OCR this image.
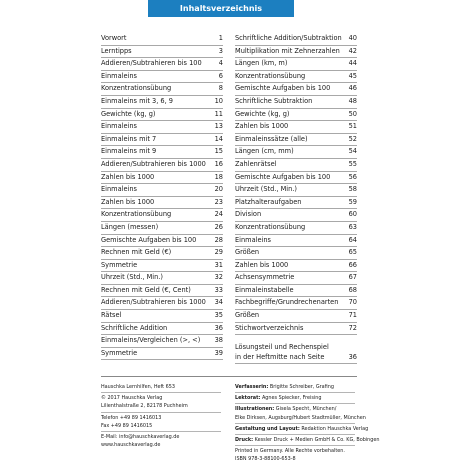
Inhaltsverzeichnis
Vorwort	1
Lerntipps	3
Addieren/Subtrahieren bis 100	4
Einmaleins	6
Konzentrationsübung	8
Einmaleins mit 3, 6, 9	10
Gewichte (kg, g)	11
Einmaleins	13
Einmaleins mit 7	14
Einmaleins mit 9	15
Addieren/Subtrahieren bis 1000 16
Zahlen bis 1000	18
Einmaleins	20
Zahlen bis 1000	23
Konzentrationsübung	24
Längen (messen)	26
Gemischte Aufgaben bis 100	28
Rechnen mit Geld (€)	29
Symmetrie	31
Uhrzeit (Std., Min.)	32
Rechnen mit Geld (€, Cent)	33
Addieren/Subtrahieren bis 1000 34
Rätsel	35
Schriftliche Addition	36
Einmaleins/Vergleichen (>, <) 38
Symmetrie	39
Schriftliche Addition/Subtraktion 40
Multiplikation mit Zehnerzahlen 42
Längen (km, m)	44
Konzentrationsübung	45
Gemischte Aufgaben bis 100	46
Schriftliche Subtraktion	48
Gewichte (kg, g)	50
Zahlen bis 1000	51
Einmaleinssätze (alle)	52
Längen (cm, mm)	54
Zahlenrätsel	55
Gemischte Aufgaben bis 100	56
Uhrzeit (Std., Min.)	58
Platzhalteraufgaben	59
Division	60
Konzentrationsübung	63
Einmaleins	64
Größen	65
Zahlen bis 1000	66
Achsensymmetrie	67
Einmaleinstabelle	68
Fachbegriffe/Grundrechenarten 70
Größen	71
Stichwortverzeichnis	72
Lösungsteil und Rechenspiel in der Heftmitte nach Seite	36
Hauschka Lernhilfen, Heft 653
© 2017 Hauschka Verlag
Lilienthalstraße 2, 82178 Puchheim
Telefon +49 89 1416013
Fax +49 89 1416015
E-Mail: info@hauschkaverlag.de
www.hauschkaverlag.de
Verfasserin: Brigitte Schreiber, Grafing
Lektorat: Agnes Spiecker, Freising
Illustrationen: Gisela Specht, München/
Elke Dirksen, Augsburg/Hubert Stadtmüller, München
Gestaltung und Layout: Redaktion Hauschka Verlag
Druck: Kessler Druck + Medien GmbH & Co. KG, Bobingen
Printed in Germany. Alle Rechte vorbehalten.
ISBN 978-3-88100-653-8
